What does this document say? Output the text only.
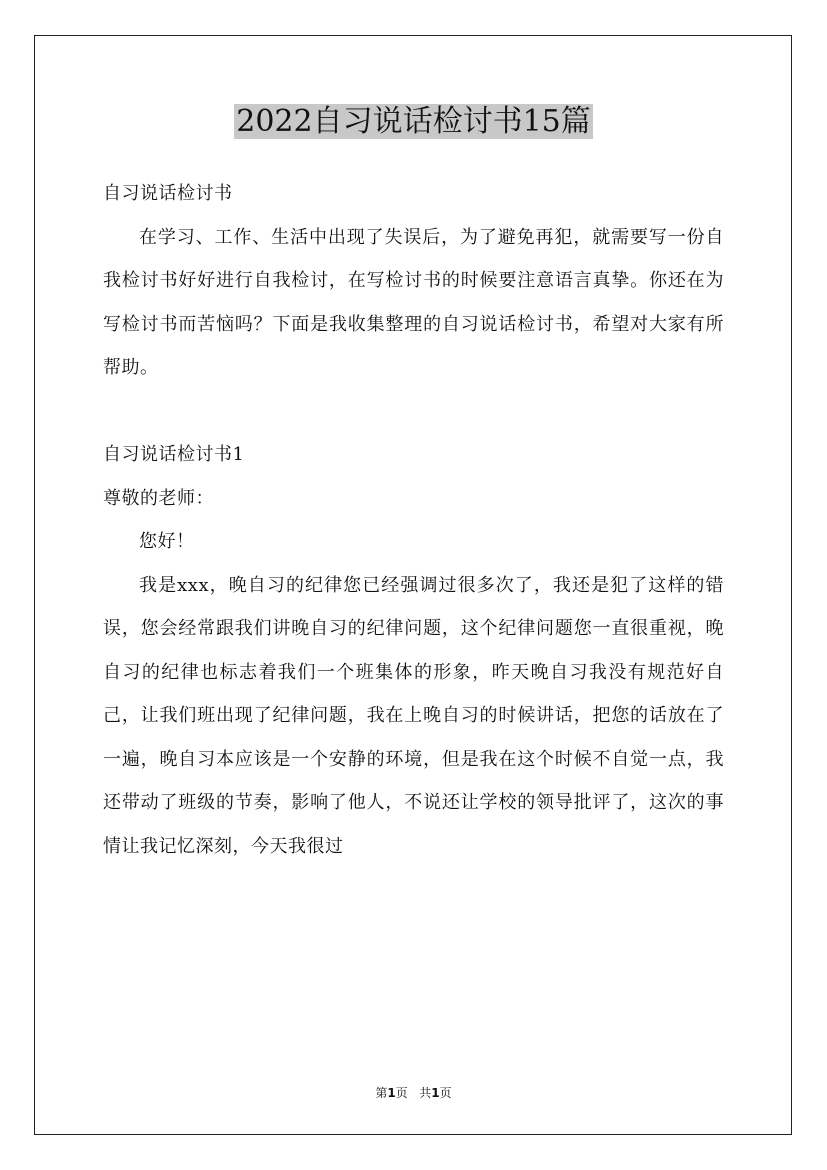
2022自习说话检讨书15篇

自习说话检讨书

在学习、工作、生活中出现了失误后，为了避免再犯，就需要写一份自我检讨书好好进行自我检讨，在写检讨书的时候要注意语言真挚。你还在为写检讨书而苦恼吗？下面是我收集整理的自习说话检讨书，希望对大家有所帮助。

自习说话检讨书1

尊敬的老师：

您好！

我是xxx，晚自习的纪律您已经强调过很多次了，我还是犯了这样的错误，您会经常跟我们讲晚自习的纪律问题，这个纪律问题您一直很重视，晚自习的纪律也标志着我们一个班集体的形象，昨天晚自习我没有规范好自己，让我们班出现了纪律问题，我在上晚自习的时候讲话，把您的话放在了一遍，晚自习本应该是一个安静的环境，但是我在这个时候不自觉一点，我还带动了班级的节奏，影响了他人，不说还让学校的领导批评了，这次的事情让我记忆深刻，今天我很过

第1页 共1页
